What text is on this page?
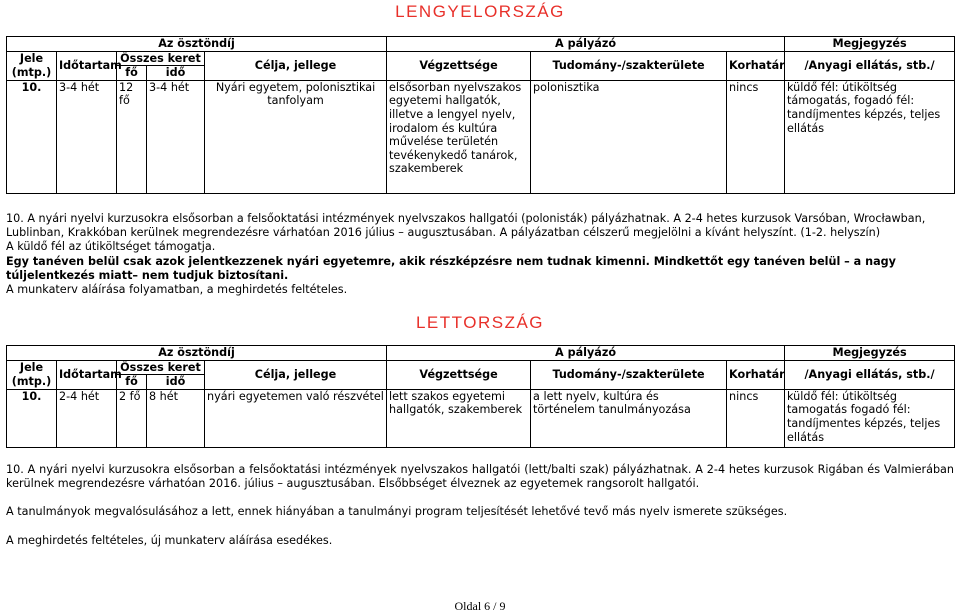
LENGYELORSZÁG
Az ösztöndíj					A pályázó			Megjegyzés
Jele
(mtp.)	Időtartam	Összes keret		Célja, jellege	Végzettsége	Tudomány-/szakterülete	Korhatár	/Anyagi ellátás, stb./
		fő	idő					
10.	3-4 hét	12 fő	3-4 hét	Nyári egyetem, polonisztikai tanfolyam	elsősorban nyelvszakos egyetemi hallgatók, illetve a lengyel nyelv, irodalom és kultúra művelése területén tevékenykedő tanárok, szakemberek	polonisztika	nincs	küldő fél: útiköltség támogatás, fogadó fél: tandíjmentes képzés, teljes ellátás

10. A nyári nyelvi kurzusokra elsősorban a felsőoktatási intézmények nyelvszakos hallgatói (polonisták) pályázhatnak. A 2-4 hetes kurzusok Varsóban, Wrocławban, Lublinban, Krakkóban kerülnek megrendezésre várhatóan 2016 július – augusztusában. A pályázatban célszerű megjelölni a kívánt helyszínt. (1-2. helyszín)

A küldő fél az útiköltséget támogatja.

Egy tanéven belül csak azok jelentkezzenek nyári egyetemre, akik részképzésre nem tudnak kimenni. Mindkettőt egy tanéven belül – a nagy túljelentkezés miatt– nem tudjuk biztosítani.

A munkaterv aláírása folyamatban, a meghirdetés feltételes.

LETTORSZÁG
Az ösztöndíj					A pályázó			Megjegyzés
Jele
(mtp.)	Időtartam	Összes keret		Célja, jellege	Végzettsége	Tudomány-/szakterülete	Korhatár	/Anyagi ellátás, stb./
		fő	idő					
10.	2-4 hét	2 fő	8 hét	nyári egyetemen való részvétel	lett szakos egyetemi hallgatók, szakemberek	a lett nyelv, kultúra és történelem tanulmányozása	nincs	küldő fél: útiköltség tamogatás fogadó fél: tandíjmentes képzés, teljes ellátás

10. A nyári nyelvi kurzusokra elsősorban a felsőoktatási intézmények nyelvszakos hallgatói (lett/balti szak) pályázhatnak. A 2-4 hetes kurzusok Rigában és Valmierában kerülnek megrendezésre várhatóan 2016. július – augusztusában. Elsőbbséget élveznek az egyetemek rangsorolt hallgatói.

A tanulmányok megvalósulásához a lett, ennek hiányában a tanulmányi program teljesítését lehetővé tevő más nyelv ismerete szükséges.

A meghirdetés feltételes, új munkaterv aláírása esedékes.

Oldal 6 / 9
